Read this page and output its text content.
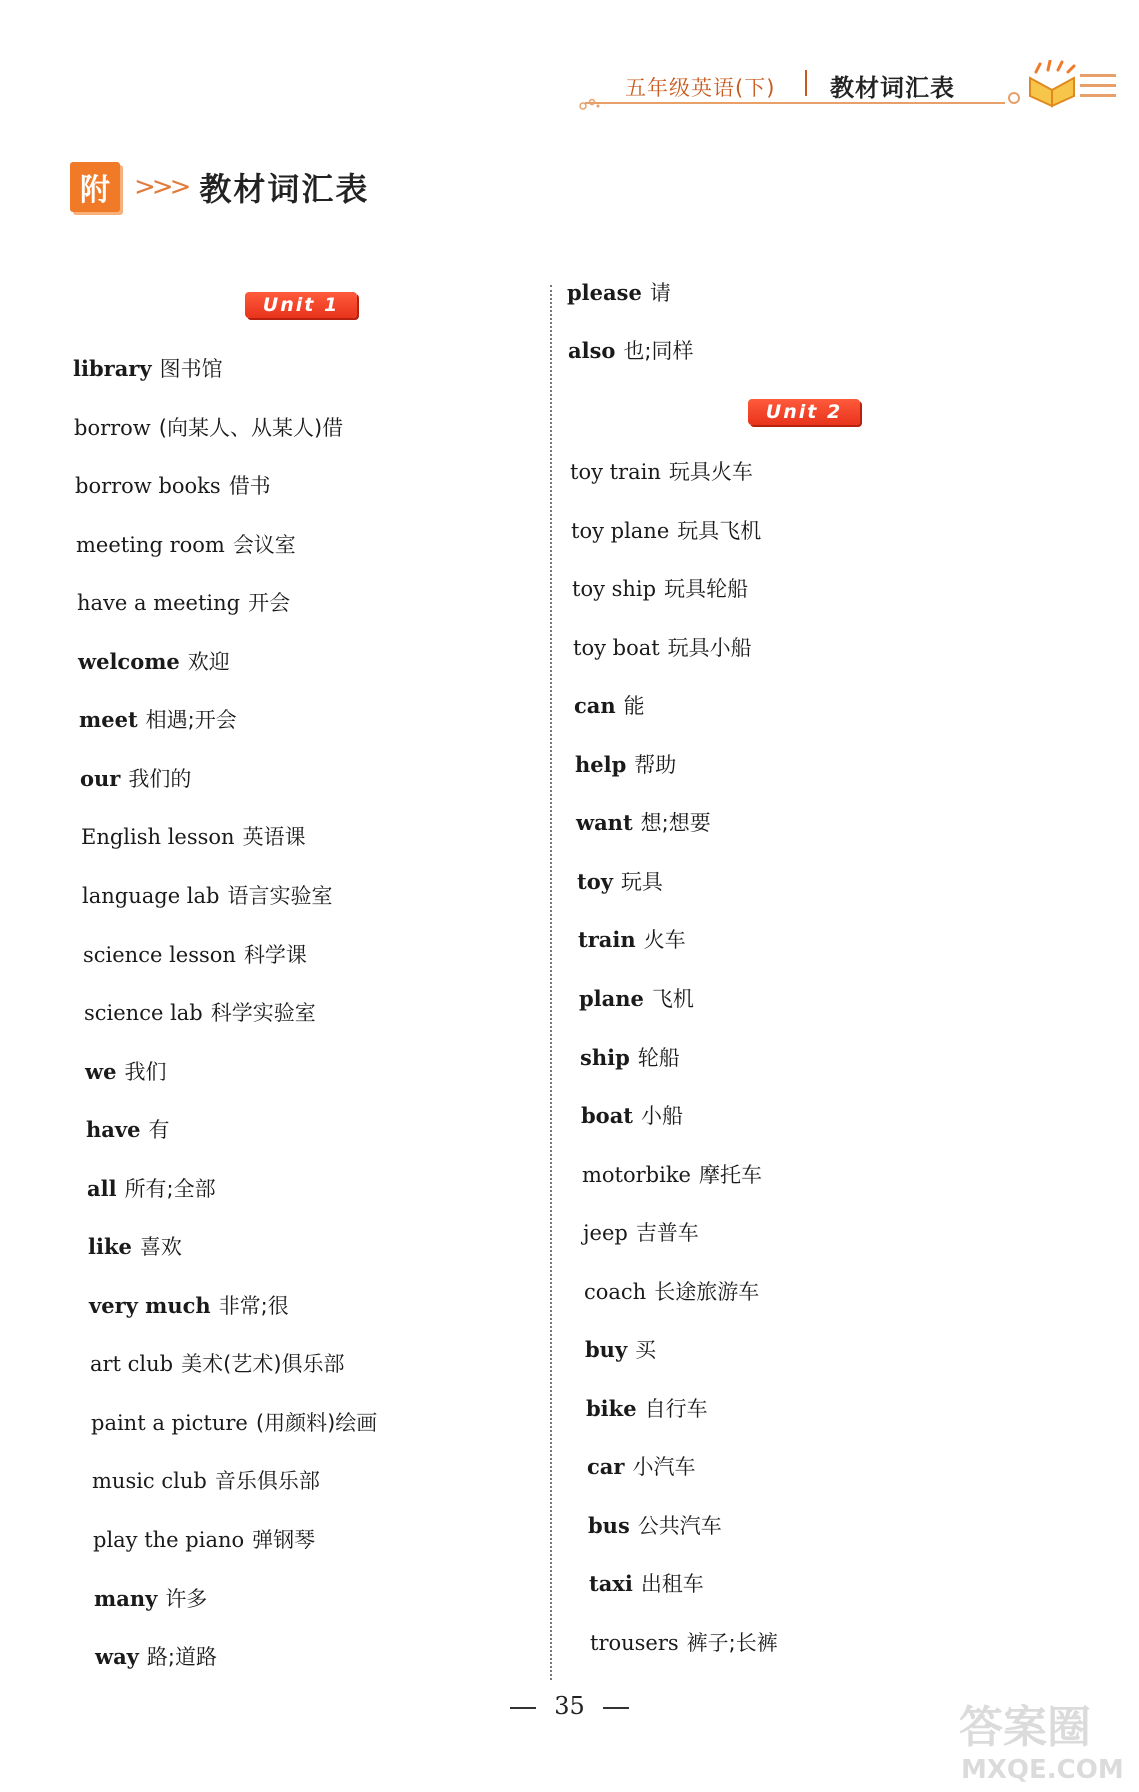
五年级英语(下) 教材词汇表
附 >>> 教材词汇表
Unit 1
library 图书馆
borrow (向某人、从某人)借
borrow books 借书
meeting room 会议室
have a meeting 开会
welcome 欢迎
meet 相遇;开会
our 我们的
English lesson 英语课
language lab 语言实验室
science lesson 科学课
science lab 科学实验室
we 我们
have 有
all 所有;全部
like 喜欢
very much 非常;很
art club 美术(艺术)俱乐部
paint a picture (用颜料)绘画
music club 音乐俱乐部
play the piano 弹钢琴
many 许多
way 路;道路
Unit 2
please 请
also 也;同样
toy train 玩具火车
toy plane 玩具飞机
toy ship 玩具轮船
toy boat 玩具小船
can 能
help 帮助
want 想;想要
toy 玩具
train 火车
plane 飞机
ship 轮船
boat 小船
motorbike 摩托车
jeep 吉普车
coach 长途旅游车
buy 买
bike 自行车
car 小汽车
bus 公共汽车
taxi 出租车
trousers 裤子;长裤
35	答案圈
MXQE.COM
